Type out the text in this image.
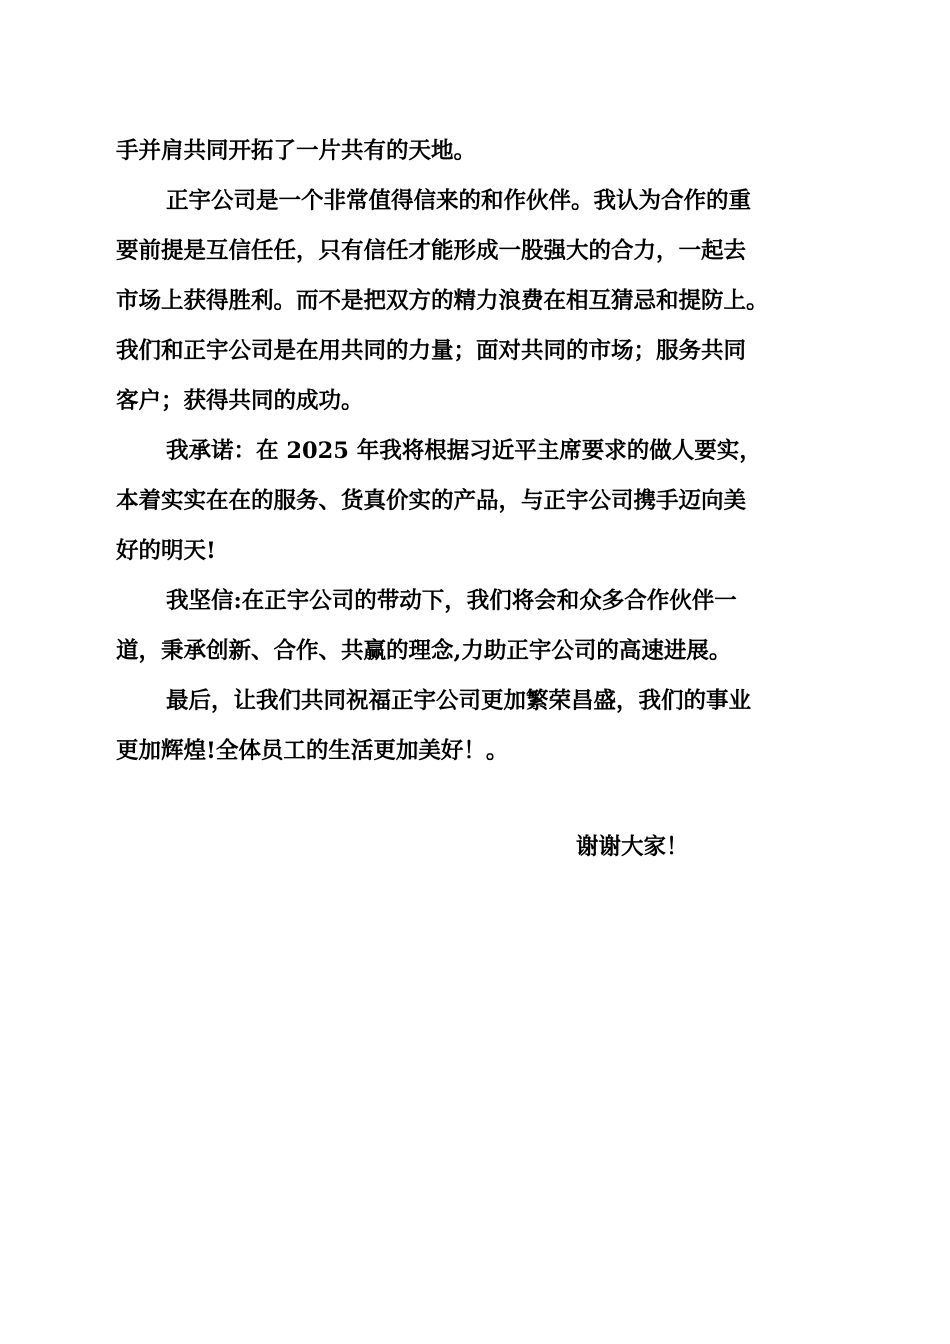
手并肩共同开拓了一片共有的天地。

正宇公司是一个非常值得信来的和作伙伴。我认为合作的重
要前提是互信任任，只有信任才能形成一股强大的合力，一起去
市场上获得胜利。而不是把双方的精力浪费在相互猜忌和提防上。
我们和正宇公司是在用共同的力量；面对共同的市场；服务共同
客户；获得共同的成功。

我承诺：在 2025 年我将根据习近平主席要求的做人要实，
本着实实在在的服务、货真价实的产品，与正宇公司携手迈向美
好的明天!

我坚信:在正宇公司的带动下，我们将会和众多合作伙伴一
道，秉承创新、合作、共赢的理念,力助正宇公司的高速进展。

最后，让我们共同祝福正宇公司更加繁荣昌盛，我们的事业
更加辉煌!全体员工的生活更加美好！。

谢谢大家！
